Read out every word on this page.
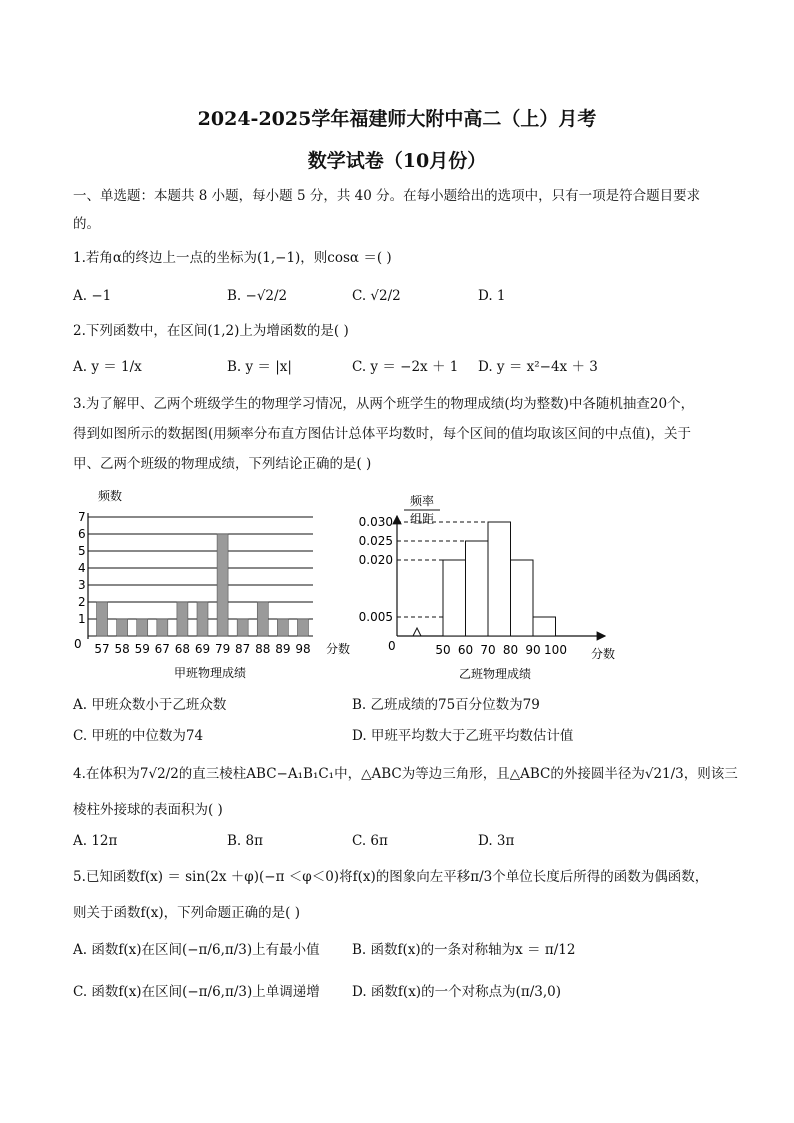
2024-2025学年福建师大附中高二（上）月考
数学试卷（10月份）
一、单选题：本题共 8 小题，每小题 5 分，共 40 分。在每小题给出的选项中，只有一项是符合题目要求
的。
1.若角α的终边上一点的坐标为(1,−1)，则cosα ＝( )
A. −1	B. −√2/2	C. √2/2	D. 1
2.下列函数中，在区间(1,2)上为增函数的是( )
A. y ＝ 1/x	B. y ＝ |x|	C. y ＝ −2x ＋ 1 D. y ＝ x²−4x ＋ 3
3.为了解甲、乙两个班级学生的物理学习情况，从两个班学生的物理成绩(均为整数)中各随机抽查20个，
得到如图所示的数据图(用频率分布直方图估计总体平均数时，每个区间的值均取该区间的中点值)，关于
甲、乙两个班级的物理成绩，下列结论正确的是( )
频数
0
1
2
3
4
5
6
7
57 58 59 67 68 69 79 87 88 89 98 分数
甲班物理成绩
频率
组距
0
0.030
0.025
0.020
0.005
50 60 70 80 90 100 分数
乙班物理成绩
A. 甲班众数小于乙班众数	B. 乙班成绩的75百分位数为79
C. 甲班的中位数为74	D. 甲班平均数大于乙班平均数估计值
4.在体积为7√2/2的直三棱柱ABC−A₁B₁C₁中，△ABC为等边三角形，且△ABC的外接圆半径为√21/3，则该三
棱柱外接球的表面积为( )
A. 12π	B. 8π	C. 6π	D. 3π
5.已知函数f(x) ＝ sin(2x ＋φ)(−π ＜φ＜0)将f(x)的图象向左平移π/3个单位长度后所得的函数为偶函数，
则关于函数f(x)，下列命题正确的是( )
A. 函数f(x)在区间(−π/6,π/3)上有最小值 B. 函数f(x)的一条对称轴为x ＝ π/12
C. 函数f(x)在区间(−π/6,π/3)上单调递增 D. 函数f(x)的一个对称点为(π/3,0)
